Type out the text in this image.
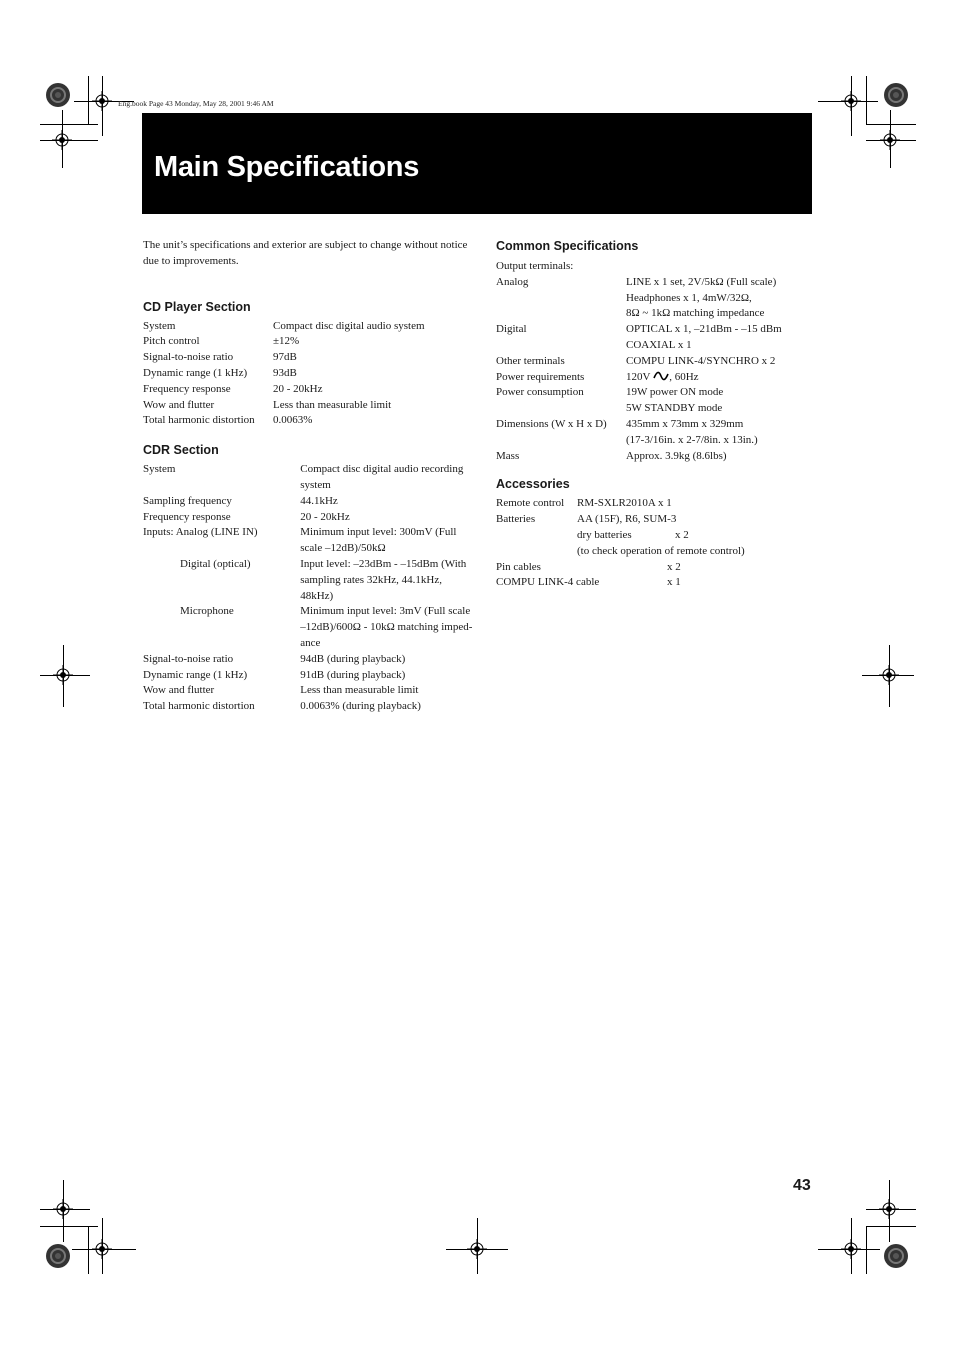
Eng.book Page 43 Monday, May 28, 2001 9:46 AM
Main Specifications

The unit’s specifications and exterior are subject to change without notice due to improvements.

CD Player Section
System	Compact disc digital audio system
Pitch control	±12%
Signal-to-noise ratio	97dB
Dynamic range (1 kHz)	93dB
Frequency response	20 - 20kHz
Wow and flutter	Less than measurable limit
Total harmonic distortion	0.0063%
CDR Section
System	Compact disc digital audio recording system
Sampling frequency	44.1kHz
Frequency response	20 - 20kHz
Inputs: Analog (LINE IN)	Minimum input level: 300mV (Full scale –12dB)/50kΩ
Digital (optical)	Input level: –23dBm - –15dBm (With sampling rates 32kHz, 44.1kHz, 48kHz)
Microphone	Minimum input level: 3mV (Full scale –12dB)/600Ω - 10kΩ matching imped-ance
Signal-to-noise ratio	94dB (during playback)
Dynamic range (1 kHz)	91dB (during playback)
Wow and flutter	Less than measurable limit
Total harmonic distortion	0.0063% (during playback)
Common Specifications
Output terminals:
Analog	LINE x 1 set, 2V/5kΩ (Full scale)
	Headphones x 1, 4mW/32Ω,
	8Ω ~ 1kΩ matching impedance
Digital	OPTICAL x 1, –21dBm - –15 dBm
	COAXIAL x 1
Other terminals	COMPU LINK-4/SYNCHRO x 2
Power requirements	120V , 60Hz
Power consumption	19W power ON mode
	5W STANDBY mode
Dimensions (W x H x D)	435mm x 73mm x 329mm
	(17-3/16in. x 2-7/8in. x 13in.)
Mass	Approx. 3.9kg (8.6lbs)
Accessories
Remote control	RM-SXLR2010A x 1	
Batteries	AA (15F), R6, SUM-3	
	dry batteries	x 2
	(to check operation of remote control)	
Pin cables	x 2
COMPU LINK-4 cable	x 1
43
